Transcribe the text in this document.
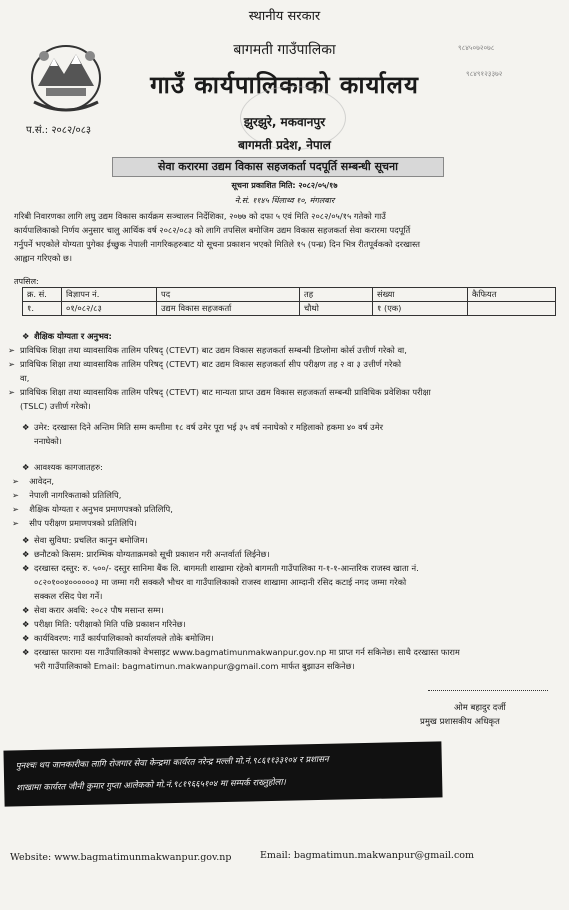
स्थानीय सरकार
बागमती गाउँपालिका
गाउँ कार्यपालिकाको कार्यालय
झुरझुरे, मकवानपुर
बागमती प्रदेश, नेपाल
प.सं.: २०८२/०८३
९८४५०७२०७८
९८४९१२३३७२
सेवा करारमा उद्यम विकास सहजकर्ता पदपूर्ति सम्बन्धी सूचना
सूचना प्रकाशित मिति: २०८२/०५/१७
ने.सं. ११४५ थिंलाथ्व १०, मंगलबार
गरिबी निवारणका लागि लघु उद्यम विकास कार्यक्रम सञ्चालन निर्देशिका, २०७७ को दफा ५ एवं मिति २०८२/०५/१५ गतेको गाउँ
कार्यपालिकाको निर्णय अनुसार चालु आर्थिक वर्ष २०८२/०८३ को लागि तपसिल बमोजिम उद्यम विकास सहजकर्ता सेवा करारमा पदपूर्ति
गर्नुपर्ने भएकोले योग्यता पुगेका ईच्छुक नेपाली नागरिकहरुबाट यो सूचना प्रकाशन भएको मितिले १५ (पन्ध्र) दिन भित्र रीतपूर्वकको दरखास्त
आह्वान गरिएको छ।
तपसिल:
क्र. सं.	विज्ञापन नं.	पद	तह	संख्या	कैफियत
१.	०१/०८२/८३	उद्यम विकास सहजकर्ता	चौथो	१ (एक)	
❖ शैक्षिक योग्यता र अनुभव:
➢ प्राविधिक शिक्षा तथा व्यावसायिक तालिम परिषद् (CTEVT) बाट उद्यम विकास सहजकर्ता सम्बन्धी डिप्लोमा कोर्स उत्तीर्ण गरेको वा,
➢ प्राविधिक शिक्षा तथा व्यावसायिक तालिम परिषद् (CTEVT) बाट उद्यम विकास सहजकर्ता सीप परीक्षण तह २ वा ३ उत्तीर्ण गरेको
वा,
➢ प्राविधिक शिक्षा तथा व्यावसायिक तालिम परिषद् (CTEVT) बाट मान्यता प्राप्त उद्यम विकास सहजकर्ता सम्बन्धी प्राविधिक प्रवेशिका परीक्षा
(TSLC) उत्तीर्ण गरेको।
❖ उमेर: दरखास्त दिने अन्तिम मिति सम्म कम्तीमा १८ वर्ष उमेर पूरा भई ३५ वर्ष ननाघेको र महिलाको हकमा ४० वर्ष उमेर
ननाघेको।
❖ आवश्यक कागजातहरु:
➢ आवेदन,
➢ नेपाली नागरिकताको प्रतिलिपि,
➢ शैक्षिक योग्यता र अनुभव प्रमाणपत्रको प्रतिलिपि,
➢ सीप परीक्षण प्रमाणपत्रको प्रतिलिपि।
❖ सेवा सुविधा: प्रचलित कानुन बमोजिम।
❖ छनौटको किसम: प्रारम्भिक योग्यताक्रमको सूची प्रकाशन गरी अन्तर्वार्ता लिईनेछ।
❖ दरखास्त दस्तुर: रु. ५००/- दस्तुर सानिमा बैंक लि. बागमती शाखामा रहेको बागमती गाउँपालिका ग-१-१-आन्तरिक राजस्व खाता नं.
०८२०१००४००००००३ मा जम्मा गरी सक्कलै भौचर वा गाउँपालिकाको राजस्व शाखामा आम्दानी रसिद कटाई नगद जम्मा गरेको
सक्कल रसिद पेश गर्ने।
❖ सेवा करार अवधि: २०८२ पौष मसान्त सम्म।
❖ परीक्षा मिति: परीक्षाको मिति पछि प्रकाशन गरिनेछ।
❖ कार्यविवरण: गाउँ कार्यपालिकाको कार्यालयले तोके बमोजिम।
❖ दरखास्त फारामः यस गाउँपालिकाको वेभसाइट www.bagmatimunmakwanpur.gov.np मा प्राप्त गर्न सकिनेछ। साथै दरखास्त फाराम
भरी गाउँपालिकाको Email: bagmatimun.makwanpur@gmail.com मार्फत बुझाउन सकिनेछ।
ओम बहादुर दर्जी
प्रमुख प्रशासकीय अधिकृत
पुनश्चः थप जानकारीका लागि रोजगार सेवा केन्द्रमा कार्यरत नरेन्द्र मल्ली मो.नं.९८६११३३१०४ र प्रशासन
शाखामा कार्यरत जीनी कुमार गुप्ता आलेकको मो.नं.९८१९६६५१०४ मा सम्पर्क राख्नुहोला।
Website: www.bagmatimunmakwanpur.gov.np	Email: bagmatimun.makwanpur@gmail.com
